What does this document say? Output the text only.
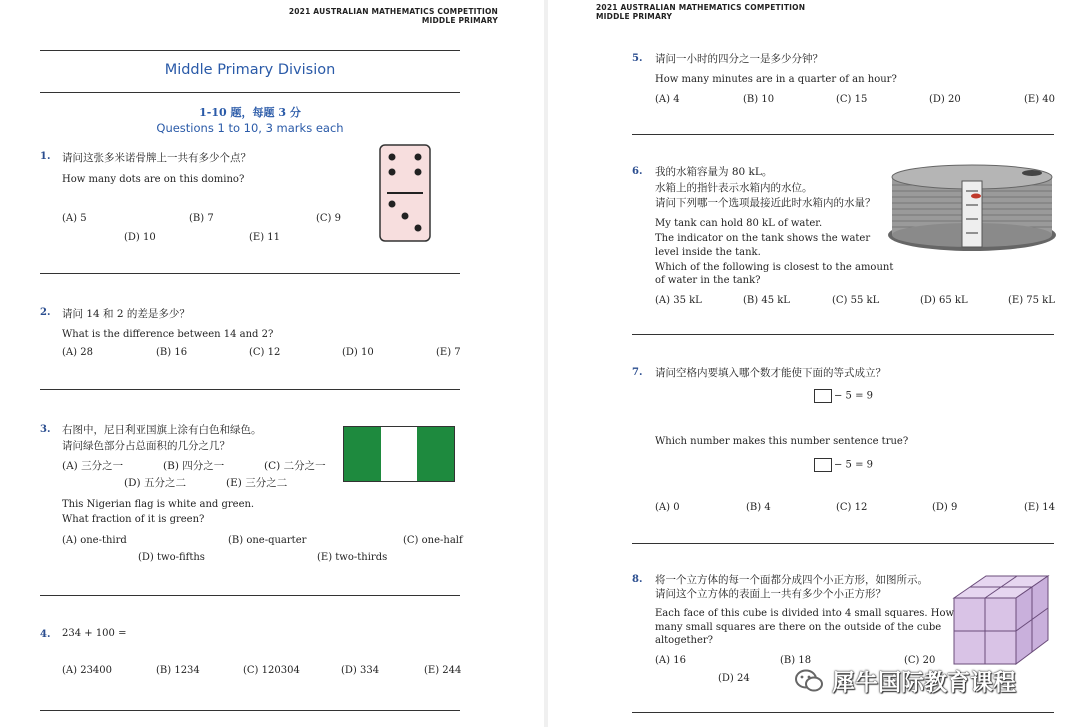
2021 AUSTRALIAN MATHEMATICS COMPETITION
MIDDLE PRIMARY
Middle Primary Division
1-10 题，每题 3 分
Questions 1 to 10, 3 marks each
1. 请问这张多米诺骨牌上一共有多少个点？
How many dots are on this domino?
(A) 5	(B) 7	(C) 9
(D) 10	(E) 11
2. 请问 14 和 2 的差是多少？
What is the difference between 14 and 2?
(A) 28	(B) 16	(C) 12	(D) 10	(E) 7
3. 右图中，尼日利亚国旗上涂有白色和绿色。
请问绿色部分占总面积的几分之几？
(A) 三分之一	(B) 四分之一	(C) 二分之一
(D) 五分之二	(E) 三分之二
This Nigerian flag is white and green.
What fraction of it is green?
(A) one-third	(B) one-quarter	(C) one-half
(D) two-fifths	(E) two-thirds
4. 234 + 100 =
(A) 23400	(B) 1234	(C) 120304	(D) 334	(E) 244
2021 AUSTRALIAN MATHEMATICS COMPETITION
MIDDLE PRIMARY
5. 请问一小时的四分之一是多少分钟？
How many minutes are in a quarter of an hour?
(A) 4	(B) 10	(C) 15	(D) 20	(E) 40
6. 我的水箱容量为 80 kL。
水箱上的指针表示水箱内的水位。
请问下列哪一个选项最接近此时水箱内的水量？
My tank can hold 80 kL of water.
The indicator on the tank shows the water
level inside the tank.
Which of the following is closest to the amount
of water in the tank?
(A) 35 kL	(B) 45 kL	(C) 55 kL	(D) 65 kL	(E) 75 kL
7. 请问空格内要填入哪个数才能使下面的等式成立？
− 5 = 9
Which number makes this number sentence true?
− 5 = 9
(A) 0	(B) 4	(C) 12	(D) 9	(E) 14
8. 将一个立方体的每一个面都分成四个小正方形，如图所示。
请问这个立方体的表面上一共有多少个小正方形？
Each face of this cube is divided into 4 small squares. How
many small squares are there on the outside of the cube
altogether?
(A) 16	(B) 18	(C) 20
(D) 24	犀牛国际教育课程
